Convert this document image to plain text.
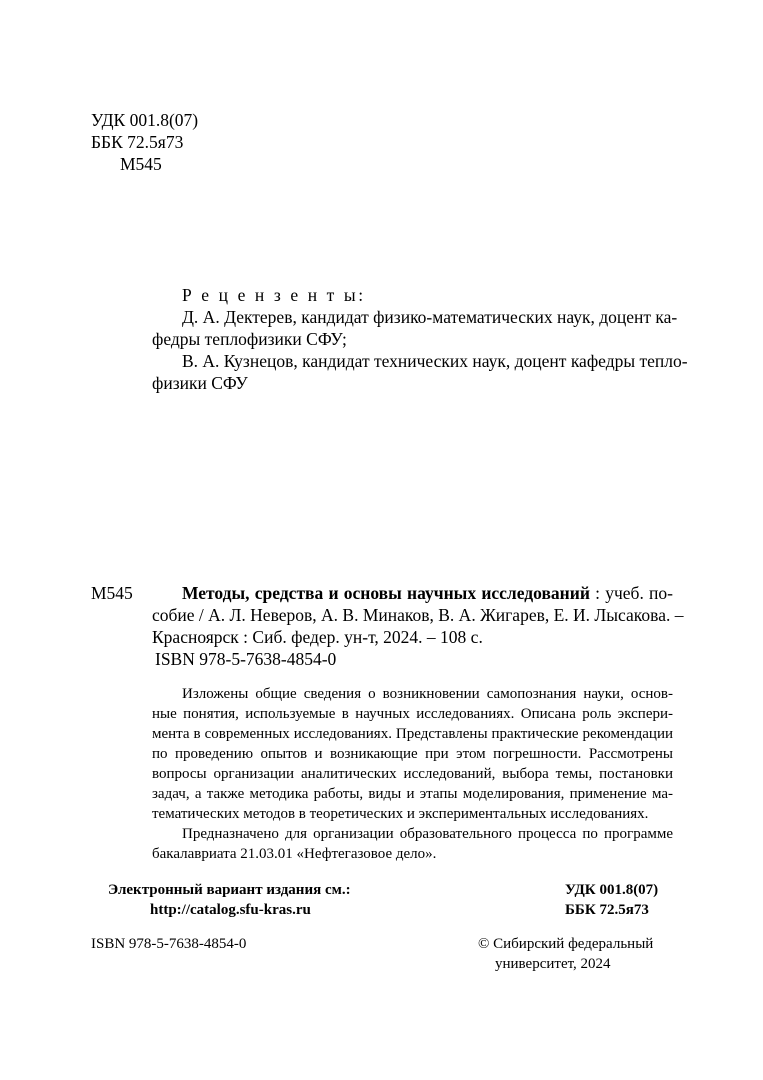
УДК 001.8(07)
ББК 72.5я73
М545
Р е ц е н з е н т ы:
Д. А. Дектерев, кандидат физико-математических наук, доцент ка-
федры теплофизики СФУ;
В. А. Кузнецов, кандидат технических наук, доцент кафедры тепло-
физики СФУ
М545	Методы, средства и основы научных исследований : учеб. по-
собие / А. Л. Неверов, А. В. Минаков, В. А. Жигарев, Е. И. Лысакова. –
Красноярск : Сиб. федер. ун-т, 2024. – 108 с.
ISBN 978-5-7638-4854-0
Изложены общие сведения о возникновении самопознания науки, основ-
ные понятия, используемые в научных исследованиях. Описана роль экспери-
мента в современных исследованиях. Представлены практические рекомендации
по проведению опытов и возникающие при этом погрешности. Рассмотрены
вопросы организации аналитических исследований, выбора темы, постановки
задач, а также методика работы, виды и этапы моделирования, применение ма-
тематических методов в теоретических и экспериментальных исследованиях.
Предназначено для организации образовательного процесса по программе
бакалавриата 21.03.01 «Нефтегазовое дело».
Электронный вариант издания см.:
http://catalog.sfu-kras.ru
УДК 001.8(07)
ББК 72.5я73
ISBN 978-5-7638-4854-0	© Сибирский федеральный
университет, 2024
